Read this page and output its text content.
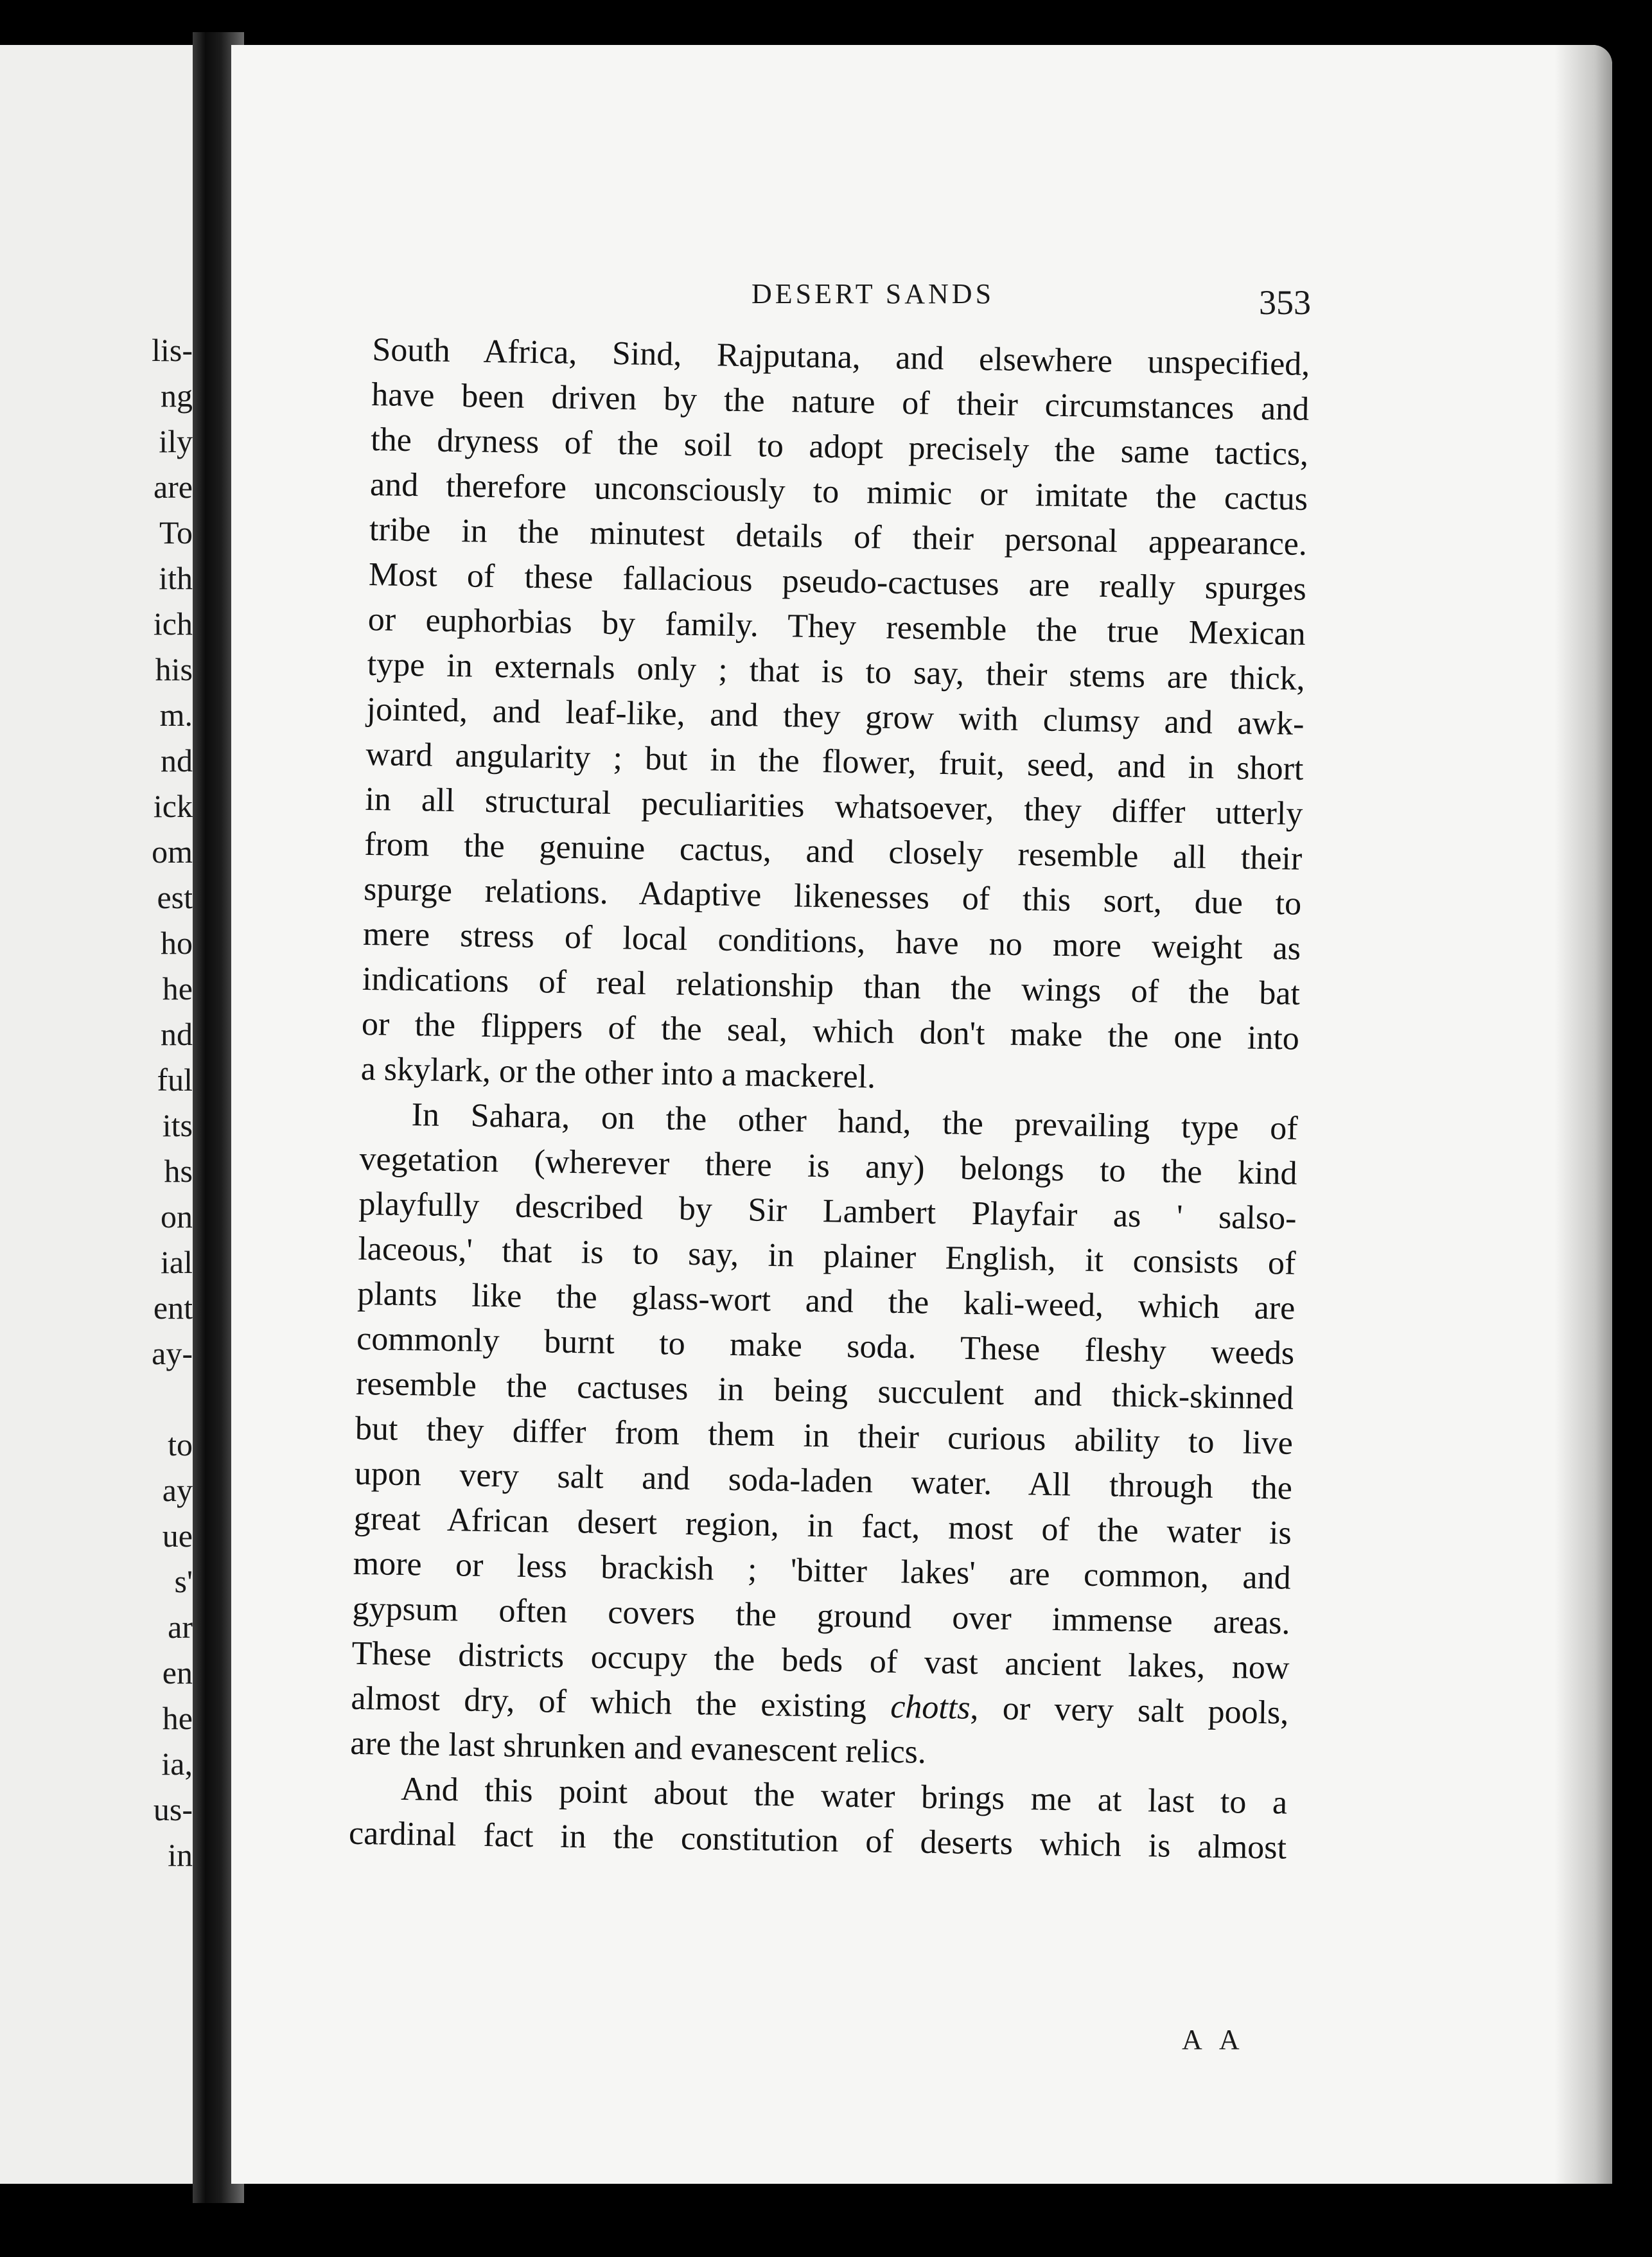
lis-
ng
ily
are
To
ith
ich
his
m.
nd
ick
om
est
ho
he
nd
ful
its
hs
on
ial
ent
ay-
to
ay
ue
s'
ar
en
he
ia,
us-
in
DESERT SANDS	353
South Africa, Sind, Rajputana, and elsewhere unspecified,
have been driven by the nature of their circumstances and
the dryness of the soil to adopt precisely the same tactics,
and therefore unconsciously to mimic or imitate the cactus
tribe in the minutest details of their personal appearance.
Most of these fallacious pseudo-cactuses are really spurges
or euphorbias by family. They resemble the true Mexican
type in externals only ; that is to say, their stems are thick,
jointed, and leaf-like, and they grow with clumsy and awk-
ward angularity ; but in the flower, fruit, seed, and in short
in all structural peculiarities whatsoever, they differ utterly
from the genuine cactus, and closely resemble all their
spurge relations. Adaptive likenesses of this sort, due to
mere stress of local conditions, have no more weight as
indications of real relationship than the wings of the bat
or the flippers of the seal, which don't make the one into
a skylark, or the other into a mackerel.
In Sahara, on the other hand, the prevailing type of
vegetation (wherever there is any) belongs to the kind
playfully described by Sir Lambert Playfair as ' salso-
laceous,' that is to say, in plainer English, it consists of
plants like the glass-wort and the kali-weed, which are
commonly burnt to make soda. These fleshy weeds
resemble the cactuses in being succulent and thick-skinned
but they differ from them in their curious ability to live
upon very salt and soda-laden water. All through the
great African desert region, in fact, most of the water is
more or less brackish ; 'bitter lakes' are common, and
gypsum often covers the ground over immense areas.
These districts occupy the beds of vast ancient lakes, now
almost dry, of which the existing chotts, or very salt pools,
are the last shrunken and evanescent relics.
And this point about the water brings me at last to a
cardinal fact in the constitution of deserts which is almost
A A
